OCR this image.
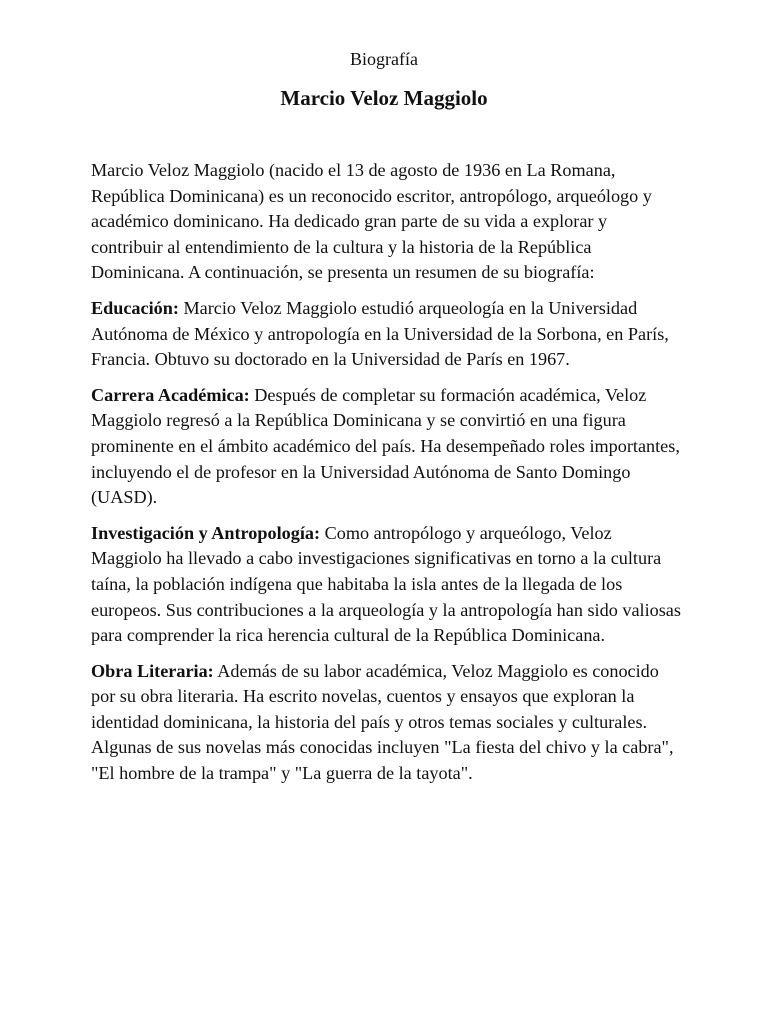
Biografía

Marcio Veloz Maggiolo

Marcio Veloz Maggiolo (nacido el 13 de agosto de 1936 en La Romana, República Dominicana) es un reconocido escritor, antropólogo, arqueólogo y académico dominicano. Ha dedicado gran parte de su vida a explorar y contribuir al entendimiento de la cultura y la historia de la República Dominicana. A continuación, se presenta un resumen de su biografía:

Educación: Marcio Veloz Maggiolo estudió arqueología en la Universidad Autónoma de México y antropología en la Universidad de la Sorbona, en París, Francia. Obtuvo su doctorado en la Universidad de París en 1967.

Carrera Académica: Después de completar su formación académica, Veloz Maggiolo regresó a la República Dominicana y se convirtió en una figura prominente en el ámbito académico del país. Ha desempeñado roles importantes, incluyendo el de profesor en la Universidad Autónoma de Santo Domingo (UASD).

Investigación y Antropología: Como antropólogo y arqueólogo, Veloz Maggiolo ha llevado a cabo investigaciones significativas en torno a la cultura taína, la población indígena que habitaba la isla antes de la llegada de los europeos. Sus contribuciones a la arqueología y la antropología han sido valiosas para comprender la rica herencia cultural de la República Dominicana.

Obra Literaria: Además de su labor académica, Veloz Maggiolo es conocido por su obra literaria. Ha escrito novelas, cuentos y ensayos que exploran la identidad dominicana, la historia del país y otros temas sociales y culturales. Algunas de sus novelas más conocidas incluyen "La fiesta del chivo y la cabra", "El hombre de la trampa" y "La guerra de la tayota".
